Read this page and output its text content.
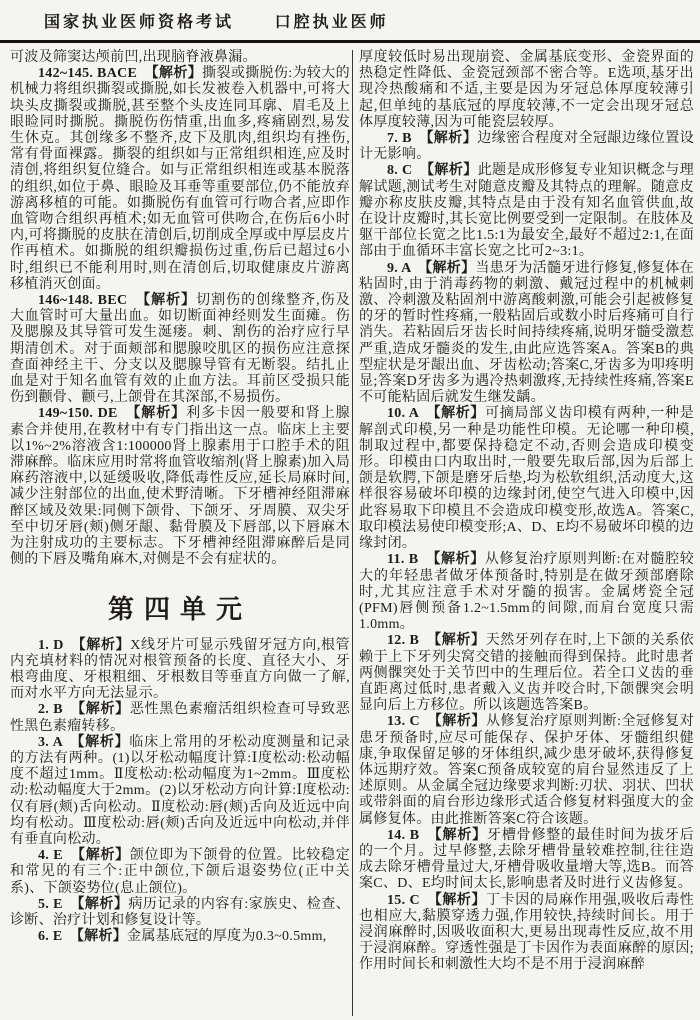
国家执业医师资格考试	口腔执业医师

可波及筛窦达颅前凹,出现脑脊液鼻漏。

142~145. BACE　【解析】撕裂或撕脱伤:为较大的机械力将组织撕裂或撕脱,如长发被卷入机器中,可将大块头皮撕裂或撕脱,甚至整个头皮连同耳廓、眉毛及上眼睑同时撕脱。撕脱伤伤情重,出血多,疼痛剧烈,易发生休克。其创缘多不整齐,皮下及肌肉,组织均有挫伤,常有骨面裸露。撕裂的组织如与正常组织相连,应及时清创,将组织复位缝合。如与正常组织相连或基本脱落的组织,如位于鼻、眼睑及耳垂等重要部位,仍不能放弃游离移植的可能。如撕脱伤有血管可行吻合者,应即作血管吻合组织再植术;如无血管可供吻合,在伤后6小时内,可将撕脱的皮肤在清创后,切削成全厚或中厚层皮片作再植术。如撕脱的组织瓣损伤过重,伤后已超过6小时,组织已不能利用时,则在清创后,切取健康皮片游离移植消灭创面。

146~148. BEC　【解析】切割伤的创缘整齐,伤及大血管时可大量出血。如切断面神经则发生面瘫。伤及腮腺及其导管可发生涎瘘。刺、割伤的治疗应行早期清创术。对于面颊部和腮腺咬肌区的损伤应注意探查面神经主干、分支以及腮腺导管有无断裂。结扎止血是对于知名血管有效的止血方法。耳前区受损只能伤到颧骨、颧弓,上颌骨在其深部,不易损伤。

149~150. DE　【解析】利多卡因一般要和肾上腺素合并使用,在教材中有专门指出这一点。临床上主要以1%~2%溶液含1:100000肾上腺素用于口腔手术的阻滞麻醉。临床应用时常将血管收缩剂(肾上腺素)加入局麻药溶液中,以延缓吸收,降低毒性反应,延长局麻时间,减少注射部位的出血,使术野清晰。下牙槽神经阻滞麻醉区域及效果:同侧下颌骨、下颌牙、牙周膜、双尖牙至中切牙唇(颊)侧牙龈、黏骨膜及下唇部,以下唇麻木为注射成功的主要标志。下牙槽神经阻滞麻醉后是同侧的下唇及嘴角麻木,对侧是不会有症状的。

第四单元

1. D　【解析】X线牙片可显示残留牙冠方向,根管内充填材料的情况对根管预备的长度、直径大小、牙根弯曲度、牙根粗细、牙根数目等垂直方向做一了解,而对水平方向无法显示。

2. B　【解析】恶性黑色素瘤活组织检查可导致恶性黑色素瘤转移。

3. A　【解析】临床上常用的牙松动度测量和记录的方法有两种。(1)以牙松动幅度计算:Ⅰ度松动:松动幅度不超过1mm。Ⅱ度松动:松动幅度为1~2mm。Ⅲ度松动:松动幅度大于2mm。(2)以牙松动方向计算:Ⅰ度松动:仅有唇(颊)舌向松动。Ⅱ度松动:唇(颊)舌向及近远中向均有松动。Ⅲ度松动:唇(颊)舌向及近远中向松动,并伴有垂直向松动。

4. E　【解析】颌位即为下颌骨的位置。比较稳定和常见的有三个:正中颌位,下颌后退姿势位(正中关系)、下颌姿势位(息止颌位)。

5. E　【解析】病历记录的内容有:家族史、检查、诊断、治疗计划和修复设计等。

6. E　【解析】金属基底冠的厚度为0.3~0.5mm,

厚度较低时易出现崩瓷、金属基底变形、金瓷界面的热稳定性降低、金瓷冠颈部不密合等。E选项,基牙出现冷热酸痛和不适,主要是因为牙冠总体厚度较薄引起,但单纯的基底冠的厚度较薄,不一定会出现牙冠总体厚度较薄,因为可能瓷层较厚。

7. B　【解析】边缘密合程度对全冠龈边缘位置设计无影响。

8. C　【解析】此题是成形修复专业知识概念与理解试题,测试考生对随意皮瓣及其特点的理解。随意皮瓣亦称皮肤皮瓣,其特点是由于没有知名血管供血,故在设计皮瓣时,其长宽比例要受到一定限制。在肢体及躯干部位长宽之比1.5:1为最安全,最好不超过2:1,在面部由于血循环丰富长宽之比可2~3:1。

9. A　【解析】当患牙为活髓牙进行修复,修复体在粘固时,由于消毒药物的刺激、戴冠过程中的机械刺激、冷刺激及粘固剂中游离酸刺激,可能会引起被修复的牙的暂时性疼痛,一般粘固后或数小时后疼痛可自行消失。若粘固后牙齿长时间持续疼痛,说明牙髓受激惹严重,造成牙髓炎的发生,由此应选答案A。答案B的典型症状是牙龈出血、牙齿松动;答案C,牙齿多为叩疼明显;答案D牙齿多为遇冷热刺激疼,无持续性疼痛,答案E不可能粘固后就发生继发龋。

10. A　【解析】可摘局部义齿印模有两种,一种是解剖式印模,另一种是功能性印模。无论哪一种印模,制取过程中,都要保持稳定不动,否则会造成印模变形。印模由口内取出时,一般要先取后部,因为后部上颌是软腭,下颌是磨牙后垫,均为松软组织,活动度大,这样很容易破坏印模的边缘封闭,使空气进入印模中,因此容易取下印模且不会造成印模变形,故选A。答案C,取印模法易使印模变形;A、D、E均不易破坏印模的边缘封闭。

11. B　【解析】从修复治疗原则判断:在对髓腔较大的年轻患者做牙体预备时,特别是在做牙颈部磨除时,尤其应注意手术对牙髓的损害。金属烤瓷全冠(PFM)唇侧预备1.2~1.5mm的间隙,而肩台宽度只需1.0mm。

12. B　【解析】天然牙列存在时,上下颌的关系依赖于上下牙列尖窝交错的接触而得到保持。此时患者两侧髁突处于关节凹中的生理后位。若全口义齿的垂直距离过低时,患者戴入义齿并咬合时,下颌髁突会明显向后上方移位。所以该题选答案B。

13. C　【解析】从修复治疗原则判断:全冠修复对患牙预备时,应尽可能保存、保护牙体、牙髓组织健康,争取保留足够的牙体组织,减少患牙破坏,获得修复体远期疗效。答案C预备成较宽的肩台显然违反了上述原则。从金属全冠边缘要求判断:刃状、羽状、凹状或带斜面的肩台形边缘形式适合修复材料强度大的金属修复体。由此推断答案C符合该题。

14. B　【解析】牙槽骨修整的最佳时间为拔牙后的一个月。过早修整,去除牙槽骨量较难控制,往往造成去除牙槽骨量过大,牙槽骨吸收量增大等,选B。而答案C、D、E均时间太长,影响患者及时进行义齿修复。

15. C　【解析】丁卡因的局麻作用强,吸收后毒性也相应大,黏膜穿透力强,作用较快,持续时间长。用于浸润麻醉时,因吸收面积大,更易出现毒性反应,故不用于浸润麻醉。穿透性强是丁卡因作为表面麻醉的原因;作用时间长和刺激性大均不是不用于浸润麻醉
